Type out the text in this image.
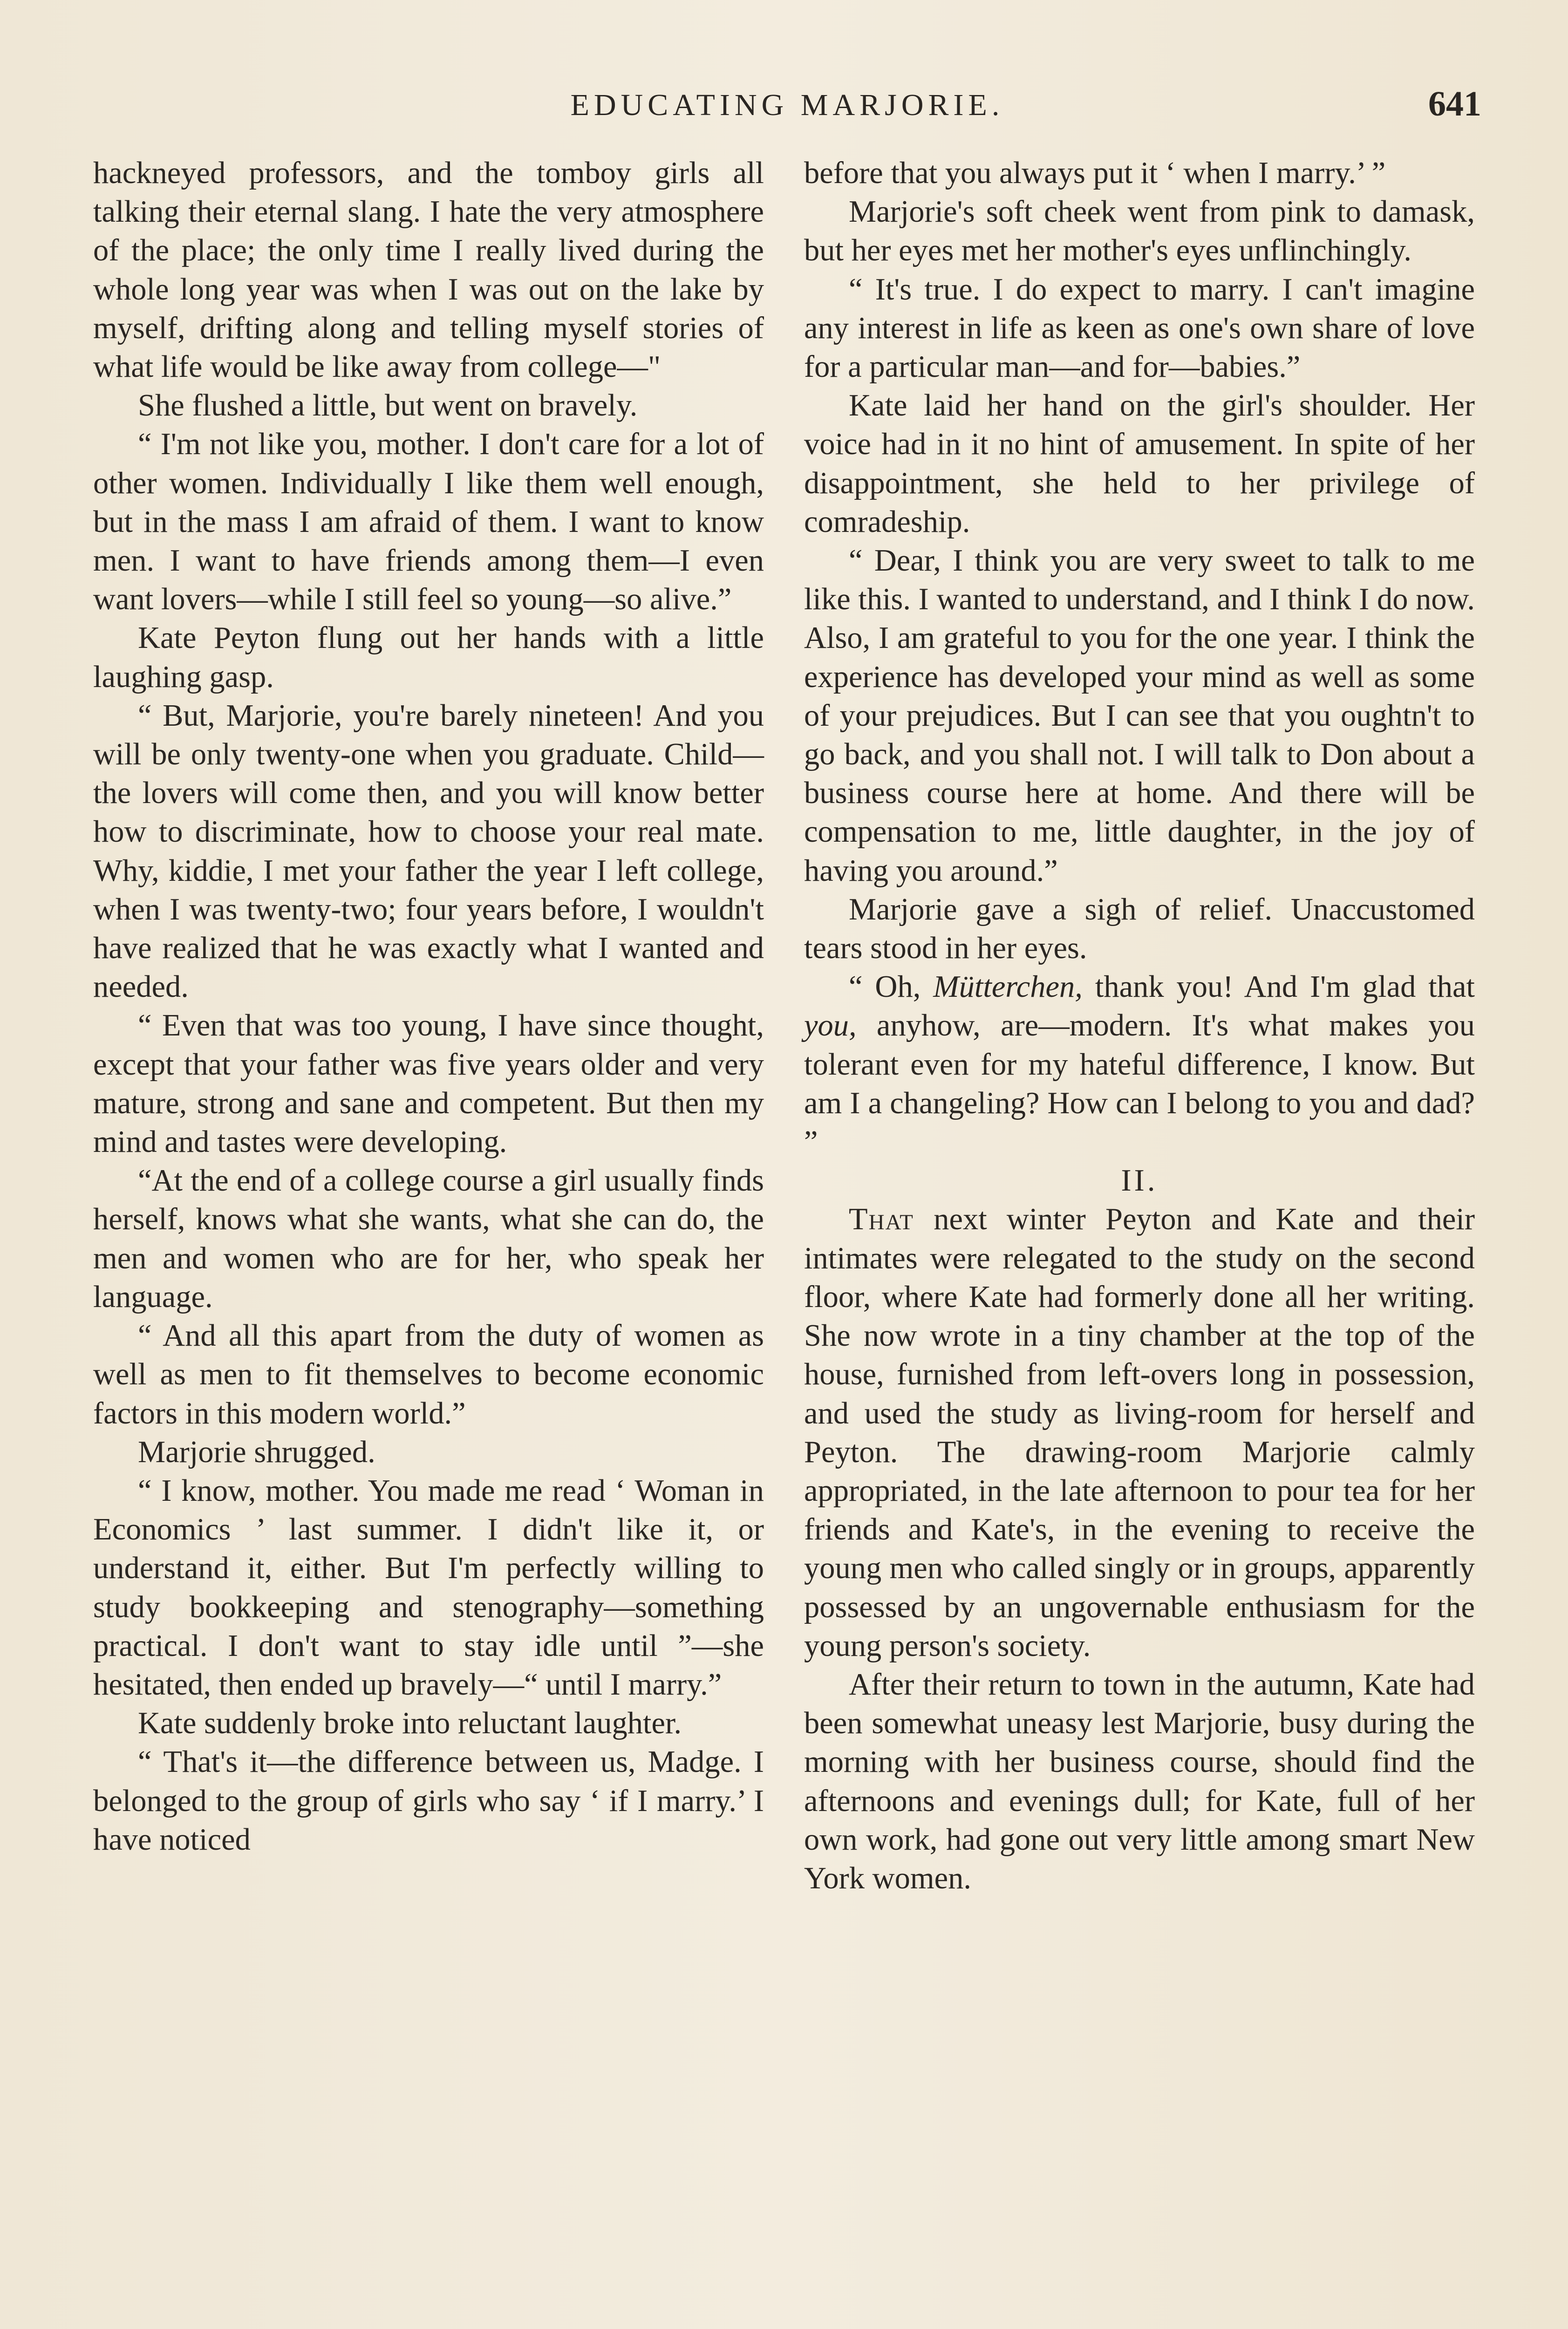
EDUCATING MARJORIE.	641

hackneyed professors, and the tomboy girls all talking their eternal slang. I hate the very atmosphere of the place; the only time I really lived during the whole long year was when I was out on the lake by myself, drifting along and telling myself stories of what life would be like away from college—"

She flushed a little, but went on bravely.

“ I'm not like you, mother. I don't care for a lot of other women. Individually I like them well enough, but in the mass I am afraid of them. I want to know men. I want to have friends among them—I even want lovers—while I still feel so young—so alive.”

Kate Peyton flung out her hands with a little laughing gasp.

“ But, Marjorie, you're barely nineteen! And you will be only twenty-one when you graduate. Child—the lovers will come then, and you will know better how to discriminate, how to choose your real mate. Why, kiddie, I met your father the year I left college, when I was twenty-two; four years before, I wouldn't have realized that he was exactly what I wanted and needed.

“ Even that was too young, I have since thought, except that your father was five years older and very mature, strong and sane and competent. But then my mind and tastes were developing.

“At the end of a college course a girl usually finds herself, knows what she wants, what she can do, the men and women who are for her, who speak her language.

“ And all this apart from the duty of women as well as men to fit themselves to become economic factors in this modern world.”

Marjorie shrugged.

“ I know, mother. You made me read ‘ Woman in Economics ’ last summer. I didn't like it, or understand it, either. But I'm perfectly willing to study bookkeeping and stenography—something practical. I don't want to stay idle until ”—she hesitated, then ended up bravely—“ until I marry.”

Kate suddenly broke into reluctant laughter.

“ That's it—the difference between us, Madge. I belonged to the group of girls who say ‘ if I marry.’ I have noticed

before that you always put it ‘ when I marry.’ ”

Marjorie's soft cheek went from pink to damask, but her eyes met her mother's eyes unflinchingly.

“ It's true. I do expect to marry. I can't imagine any interest in life as keen as one's own share of love for a particular man—and for—babies.”

Kate laid her hand on the girl's shoulder. Her voice had in it no hint of amusement. In spite of her disappointment, she held to her privilege of comradeship.

“ Dear, I think you are very sweet to talk to me like this. I wanted to understand, and I think I do now. Also, I am grateful to you for the one year. I think the experience has developed your mind as well as some of your prejudices. But I can see that you oughtn't to go back, and you shall not. I will talk to Don about a business course here at home. And there will be compensation to me, little daughter, in the joy of having you around.”

Marjorie gave a sigh of relief. Unaccustomed tears stood in her eyes.

“ Oh, Mütterchen, thank you! And I'm glad that you, anyhow, are—modern. It's what makes you tolerant even for my hateful difference, I know. But am I a changeling? How can I belong to you and dad? ”

II.

That next winter Peyton and Kate and their intimates were relegated to the study on the second floor, where Kate had formerly done all her writing. She now wrote in a tiny chamber at the top of the house, furnished from left-overs long in possession, and used the study as living-room for herself and Peyton. The drawing-room Marjorie calmly appropriated, in the late afternoon to pour tea for her friends and Kate's, in the evening to receive the young men who called singly or in groups, apparently possessed by an ungovernable enthusiasm for the young person's society.

After their return to town in the autumn, Kate had been somewhat uneasy lest Marjorie, busy during the morning with her business course, should find the afternoons and evenings dull; for Kate, full of her own work, had gone out very little among smart New York women.
